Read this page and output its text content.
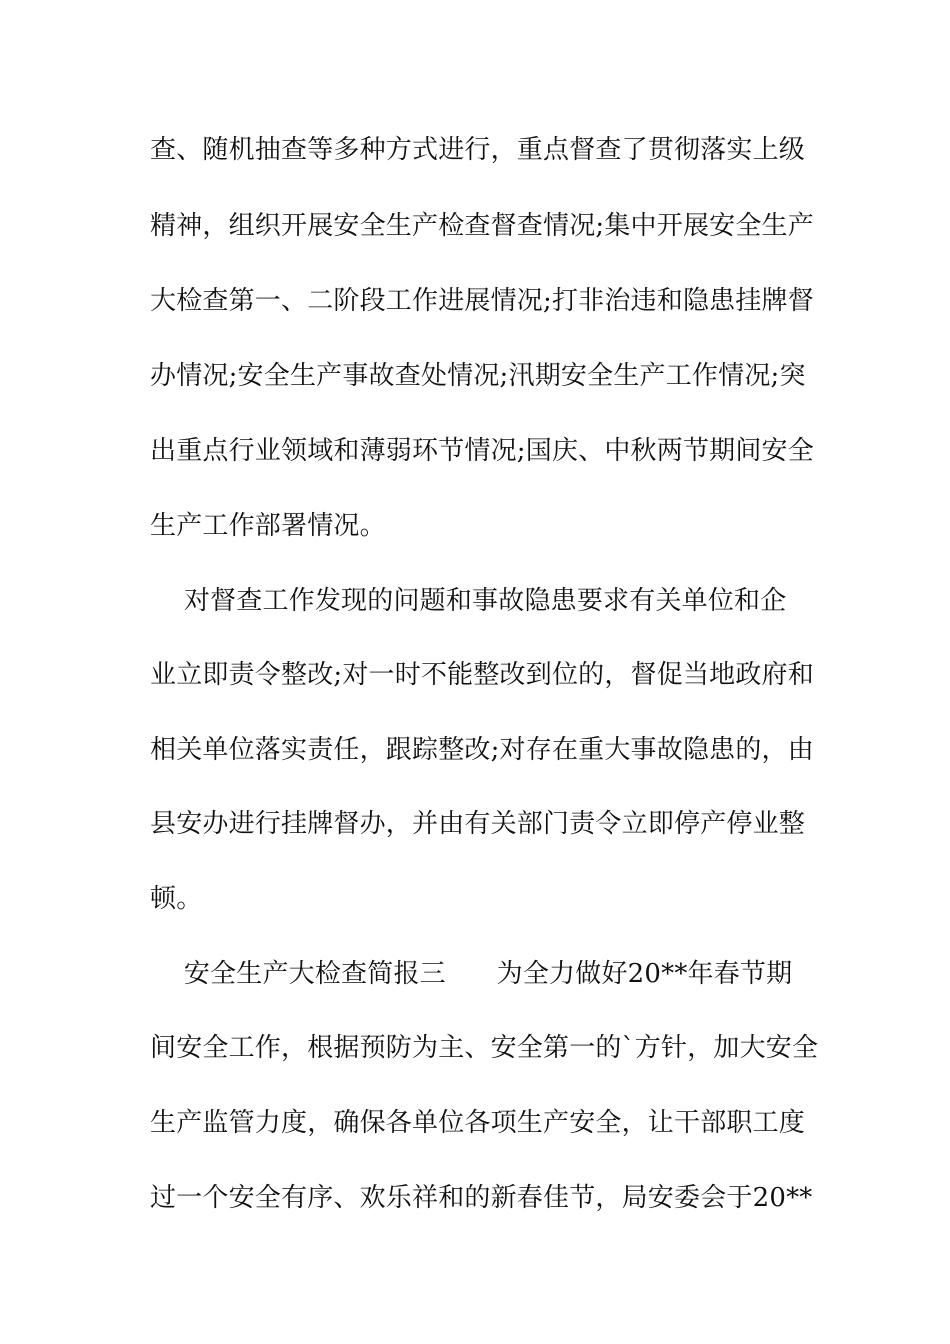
查、随机抽查等多种方式进行，重点督查了贯彻落实上级
精神，组织开展安全生产检查督查情况;集中开展安全生产
大检查第一、二阶段工作进展情况;打非治违和隐患挂牌督
办情况;安全生产事故查处情况;汛期安全生产工作情况;突
出重点行业领域和薄弱环节情况;国庆、中秋两节期间安全
生产工作部署情况。
对督查工作发现的问题和事故隐患要求有关单位和企
业立即责令整改;对一时不能整改到位的，督促当地政府和
相关单位落实责任，跟踪整改;对存在重大事故隐患的，由
县安办进行挂牌督办，并由有关部门责令立即停产停业整
顿。
安全生产大检查简报三      为全力做好20**年春节期
间安全工作，根据预防为主、安全第一的`方针，加大安全
生产监管力度，确保各单位各项生产安全，让干部职工度
过一个安全有序、欢乐祥和的新春佳节，局安委会于20**
